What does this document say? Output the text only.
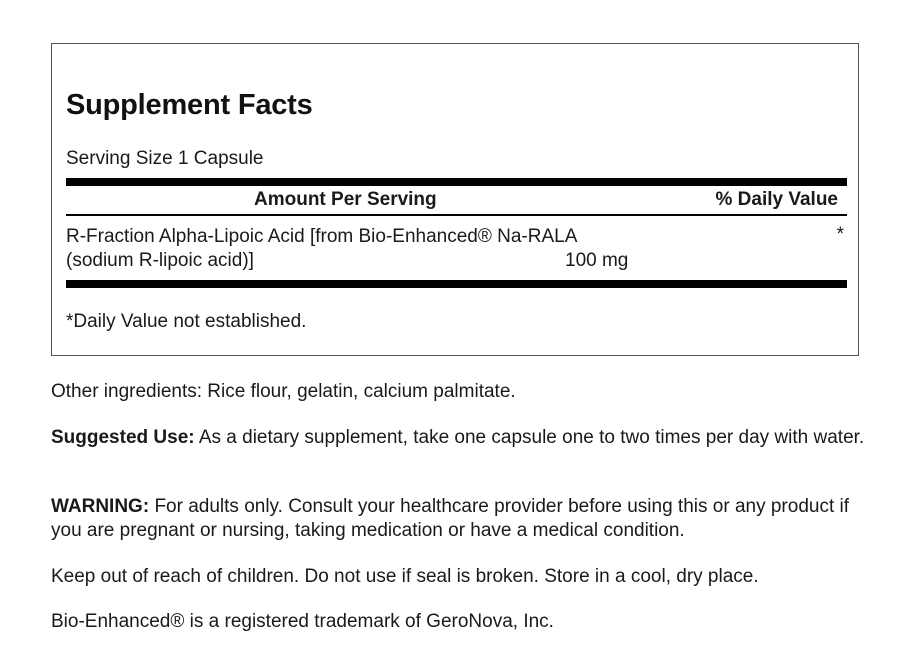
Supplement Facts
Serving Size 1 Capsule
Amount Per Serving	% Daily Value
R-Fraction Alpha-Lipoic Acid [from Bio-Enhanced® Na-RALA (sodium R-lipoic acid)]	100 mg
*
*Daily Value not established.

Other ingredients: Rice flour, gelatin, calcium palmitate.

Suggested Use: As a dietary supplement, take one capsule one to two times per day with water.

WARNING: For adults only. Consult your healthcare provider before using this or any product if you are pregnant or nursing, taking medication or have a medical condition.

Keep out of reach of children. Do not use if seal is broken. Store in a cool, dry place.

Bio-Enhanced® is a registered trademark of GeroNova, Inc.
